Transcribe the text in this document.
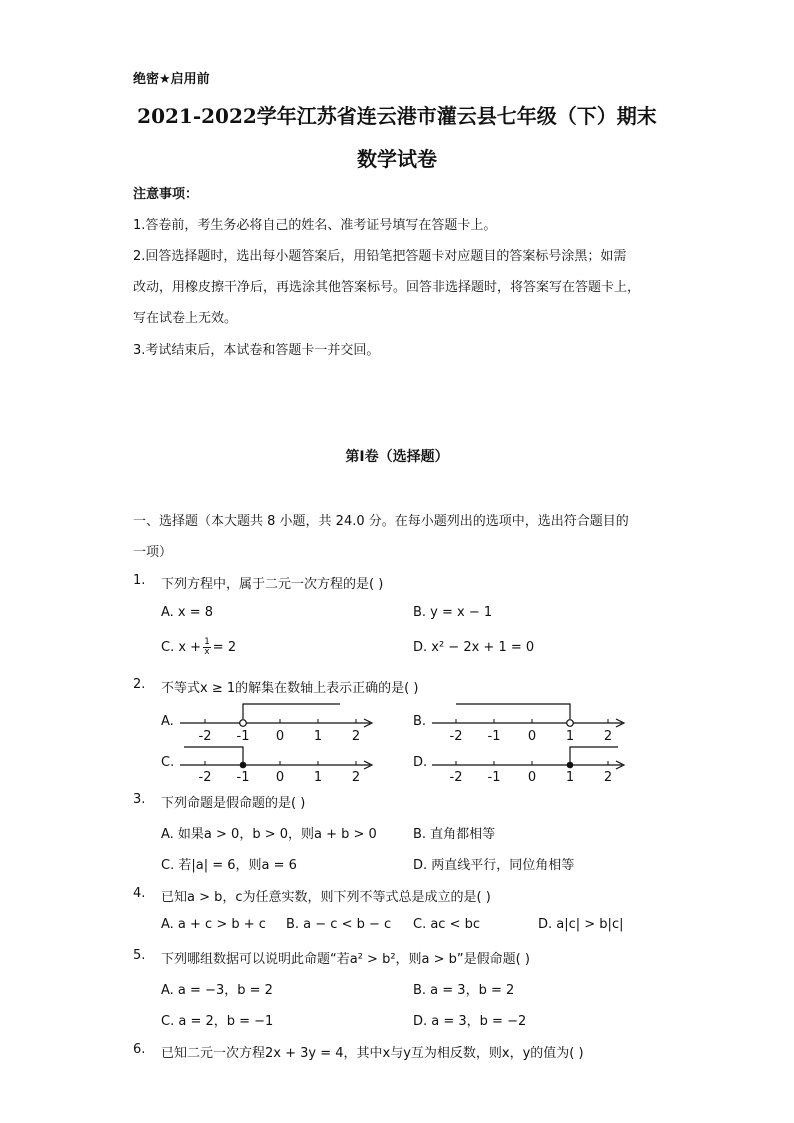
绝密★启用前
2021-2022学年江苏省连云港市灌云县七年级（下）期末
数学试卷
注意事项：
1.答卷前，考生务必将自己的姓名、准考证号填写在答题卡上。
2.回答选择题时，选出每小题答案后，用铅笔把答题卡对应题目的答案标号涂黑；如需
改动，用橡皮擦干净后，再选涂其他答案标号。回答非选择题时，将答案写在答题卡上，
写在试卷上无效。
3.考试结束后，本试卷和答题卡一并交回。
第Ⅰ卷（选择题）
一、选择题（本大题共 8 小题，共 24.0 分。在每小题列出的选项中，选出符合题目的
一项）
1. 下列方程中，属于二元一次方程的是( )
A. x = 8	B. y = x − 1
C. $x + \frac{1}{x} = 2$	D. x² − 2x + 1 = 0
2. 不等式x ≥ 1的解集在数轴上表示正确的是( )
A.	B.
C.	D.
-2 -1 0 1 2	-2 -1 0 1 2
-2 -1 0 1 2	-2 -1 0 1 2
3. 下列命题是假命题的是( )
A. 如果a > 0，b > 0，则a + b > 0	B. 直角都相等
C. 若|a| = 6，则a = 6	D. 两直线平行，同位角相等
4. 已知a > b，c为任意实数，则下列不等式总是成立的是( )
A. a + c > b + c B. a − c < b − c C. ac < bc	D. a|c| > b|c|
5. 下列哪组数据可以说明此命题“若a² > b²，则a > b”是假命题( )
A. a = −3，b = 2	B. a = 3，b = 2
C. a = 2，b = −1	D. a = 3，b = −2
6. 已知二元一次方程2x + 3y = 4，其中x与y互为相反数，则x，y的值为( )
